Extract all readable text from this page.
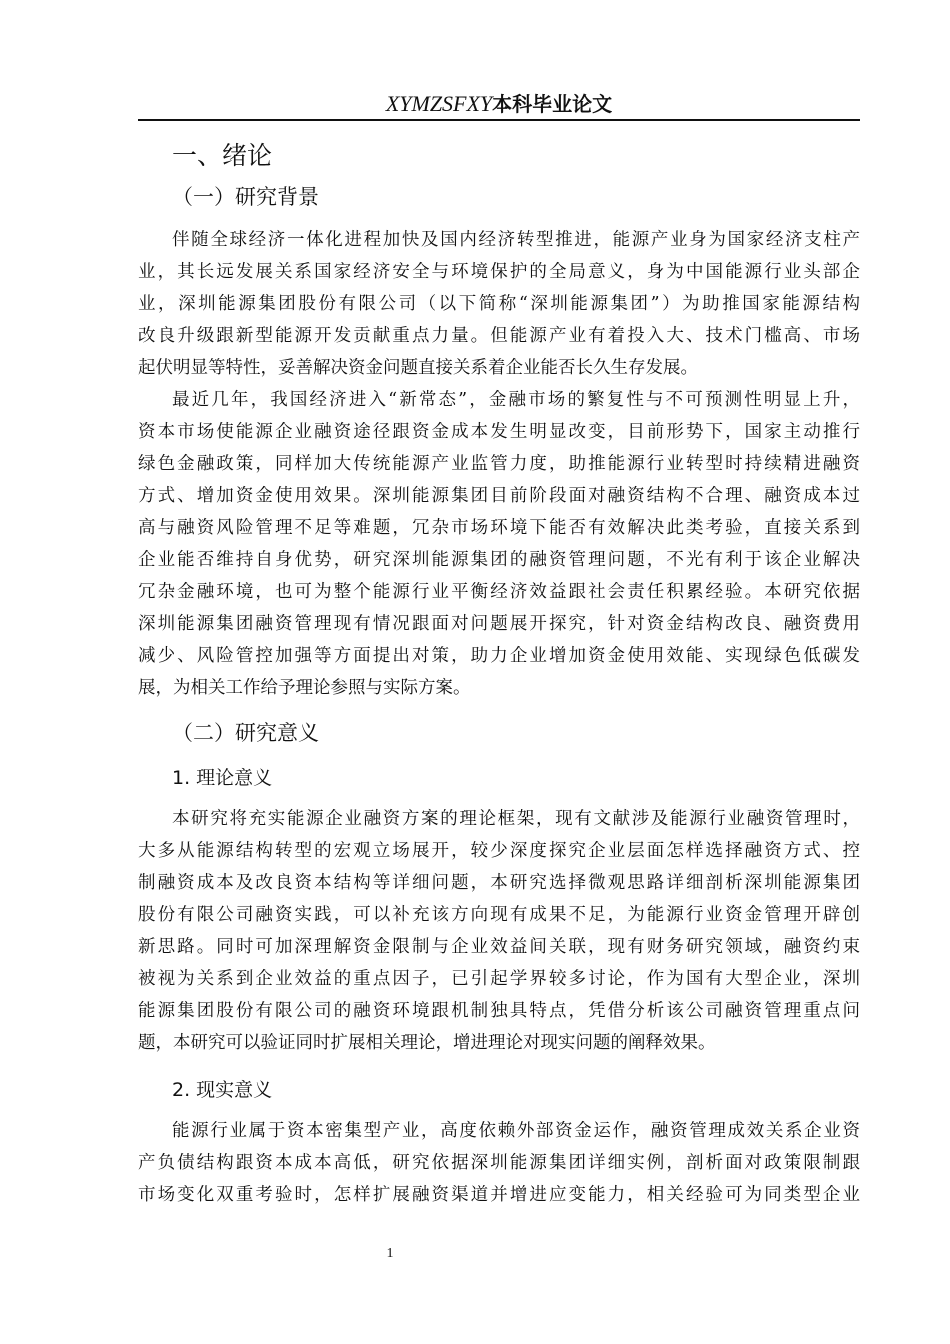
XYMZSFXY本科毕业论文
一、绪论
（一）研究背景
伴随全球经济一体化进程加快及国内经济转型推进，能源产业身为国家经济支柱产
业，其长远发展关系国家经济安全与环境保护的全局意义，身为中国能源行业头部企
业，深圳能源集团股份有限公司（以下简称“深圳能源集团”）为助推国家能源结构
改良升级跟新型能源开发贡献重点力量。但能源产业有着投入大、技术门槛高、市场
起伏明显等特性，妥善解决资金问题直接关系着企业能否长久生存发展。
最近几年，我国经济进入“新常态”，金融市场的繁复性与不可预测性明显上升，
资本市场使能源企业融资途径跟资金成本发生明显改变，目前形势下，国家主动推行
绿色金融政策，同样加大传统能源产业监管力度，助推能源行业转型时持续精进融资
方式、增加资金使用效果。深圳能源集团目前阶段面对融资结构不合理、融资成本过
高与融资风险管理不足等难题，冗杂市场环境下能否有效解决此类考验，直接关系到
企业能否维持自身优势，研究深圳能源集团的融资管理问题，不光有利于该企业解决
冗杂金融环境，也可为整个能源行业平衡经济效益跟社会责任积累经验。本研究依据
深圳能源集团融资管理现有情况跟面对问题展开探究，针对资金结构改良、融资费用
减少、风险管控加强等方面提出对策，助力企业增加资金使用效能、实现绿色低碳发
展，为相关工作给予理论参照与实际方案。
（二）研究意义
1. 理论意义
本研究将充实能源企业融资方案的理论框架，现有文献涉及能源行业融资管理时，
大多从能源结构转型的宏观立场展开，较少深度探究企业层面怎样选择融资方式、控
制融资成本及改良资本结构等详细问题，本研究选择微观思路详细剖析深圳能源集团
股份有限公司融资实践，可以补充该方向现有成果不足，为能源行业资金管理开辟创
新思路。同时可加深理解资金限制与企业效益间关联，现有财务研究领域，融资约束
被视为关系到企业效益的重点因子，已引起学界较多讨论，作为国有大型企业，深圳
能源集团股份有限公司的融资环境跟机制独具特点，凭借分析该公司融资管理重点问
题，本研究可以验证同时扩展相关理论，增进理论对现实问题的阐释效果。
2. 现实意义
能源行业属于资本密集型产业，高度依赖外部资金运作，融资管理成效关系企业资
产负债结构跟资本成本高低，研究依据深圳能源集团详细实例，剖析面对政策限制跟
市场变化双重考验时，怎样扩展融资渠道并增进应变能力，相关经验可为同类型企业
1
